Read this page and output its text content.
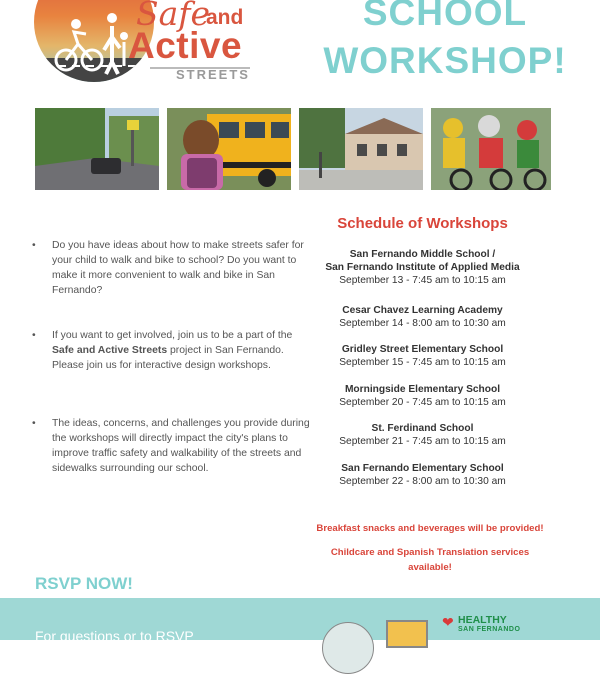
Safe
and
Active
STREETS
SCHOOL
WORKSHOP!
• Do you have ideas about how to make streets safer for your child to walk and bike to school? Do you want to make it more convenient to walk and bike in San Fernando?

• If you want to get involved, join us to be a part of the Safe and Active Streets project in San Fernando. Please join us for interactive design workshops.

• The ideas, concerns, and challenges you provide during the workshops will directly impact the city's plans to improve traffic safety and walkability of the streets and sidewalks surrounding our school.

Schedule of Workshops
San Fernando Middle School /
San Fernando Institute of Applied Media
September 13 - 7:45 am to 10:15 am
Cesar Chavez Learning Academy
September 14 - 8:00 am to 10:30 am
Gridley Street Elementary School
September 15 - 7:45 am to 10:15 am
Morningside Elementary School
September 20 - 7:45 am to 10:15 am
St. Ferdinand School
September 21 - 7:45 am to 10:15 am
San Fernando Elementary School
September 22 - 8:00 am to 10:30 am
Breakfast snacks and beverages will be provided!
Childcare and Spanish Translation services
available!
RSVP NOW!
For questions or to RSVP
❤ HEALTHY
SAN FERNANDO
